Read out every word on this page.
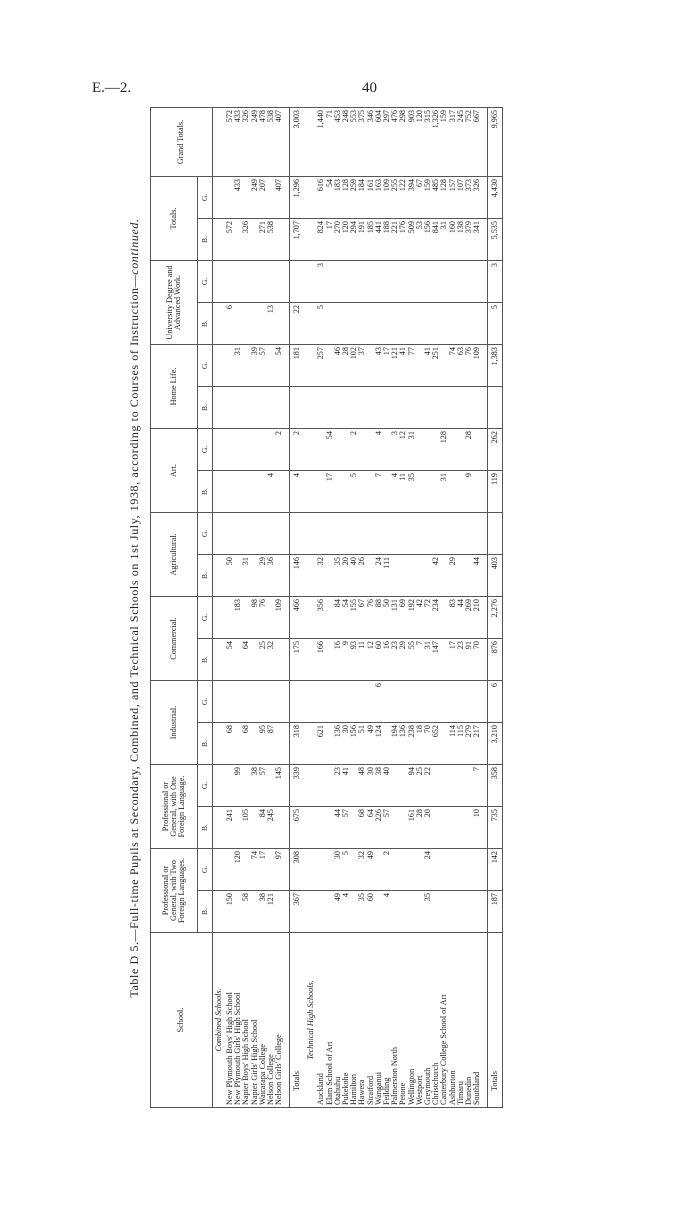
E.—2.	40
Table D 5.—Full-time Pupils at Secondary, Combined, and Technical Schools on 1st July, 1938, according to Courses of Instruction—continued.
School.	Professional or General, with Two Foreign Languages.		Professional or General, with One Foreign Language.		Industrial.		Commercial.		Agricultural.		Art.		Home Life.		University Degree and Advanced Work.		Totals.		Grand Totals.
	B.	G.	B.	G.	B.	G.	B.	G.	B.	G.	B.	G.	B.	G.	B.	G.	B.	G.	
Combined Schools.																			
New Plymouth Boys' High School	150		241		68		54		50						6		572		572
New Plymouth Girls' High School		120		99				183						31				433	433
Napier Boys' High School	58		105		68		64		31								326		326
Napier Girls' High School		74		38				98						39				249	249
Wairarapa College	38	17	84	57	95		25	76	29					57			271	207	478
Nelson College	121		245		87		32		36		4				13		538		538
Nelson Girls' College		97		145				109				2		54				407	407

Totals	367	308	675	339	318		175	466	146		4	2		181	22		1,707	1,296	3,003
Technical High Schools.																			
Auckland					621		166	356	32					257	5	3	824	616	1,440
Elam School of Art											17	54					17	54	71
Otahuhu	49	30	44	23	136		16	84	35					46			270	183	453
Pukekohe	4	5	57	41	30		9	54	20					28			120	128	248
Hamilton					156		93	155	40		5	2		102			294	259	553
Hawera	35	32	68	48	51		11	67	26					37			191	184	375
Stratford	60	49	64	30	49		12	76									185	161	346
Wanganui			226	38	124	6	60	88	24		7	4		43			441	163	604
Feilding	4	2	57	40			16	50	111					17			188	109	297
Palmerston North					194		23	131			4	3		121			221	255	476
Petone					136		29	69			11	12		41			176	122	298
Wellington			161	94	238		55	192			35	31		77			509	394	903
Westport			28	25	18		7	42									53	67	120
Greymouth	35	24	20	22	70		31	72						41			156	159	315
Christchurch					652		147	234	42					251			841	485	1,326
Canterbury College School of Art											31	128					31	128	159
Ashburton					114		17	83	29					74			160	157	317
Timaru					115		23	44						63			138	107	245
Dunedin					279		91	269			9	28		76			379	373	752
Southland			10	7	217		70	210	44					109			341	326	667

Totals	187	142	735	358	3,210	6	876	2,276	403		119	262		1,383	5	3	5,535	4,430	9,965
